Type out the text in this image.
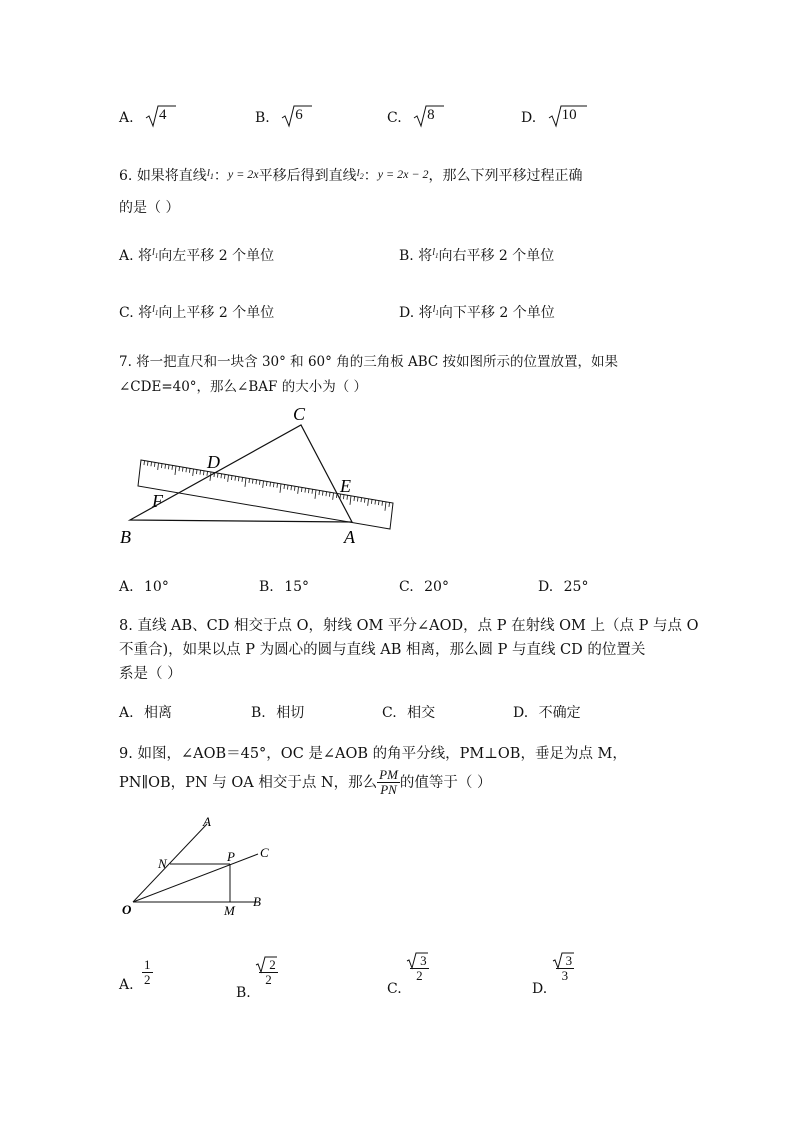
A. 4	B. 6	C. 8	D. 10
6. 如果将直线$^{l_1}$：y = 2x平移后得到直线$^{l_2}$：y = 2x − 2，那么下列平移过程正确
的是（ ）
A. 将$^{l_1}$向左平移 2 个单位	B. 将$^{l_1}$向右平移 2 个单位
C. 将$^{l_1}$向上平移 2 个单位	D. 将$^{l_1}$向下平移 2 个单位
7. 将一把直尺和一块含 30° 和 60° 角的三角板 ABC 按如图所示的位置放置，如果
∠CDE=40°，那么∠BAF 的大小为（ ）
C
D
E
F
B	A
A. 10°	B. 15°	C. 20°	D. 25°
8. 直线 AB、CD 相交于点 O，射线 OM 平分∠AOD，点 P 在射线 OM 上（点 P 与点 O
不重合)，如果以点 P 为圆心的圆与直线 AB 相离，那么圆 P 与直线 CD 的位置关
系是（ ）
A. 相离	B. 相切	C. 相交	D. 不确定
9. 如图，∠AOB＝45°，OC 是∠AOB 的角平分线，PM⊥OB，垂足为点 M，
PN∥OB，PN 与 OA 相交于点 N，那么 $\frac{PM}{PN}$ 的值等于（ ）
A
C
N	P
O	M
B
A. $\frac{1}{2}$
B.
$\frac{2}{2}$
C.
$\frac{3}{2}$
D.
$\frac{3}{3}$
